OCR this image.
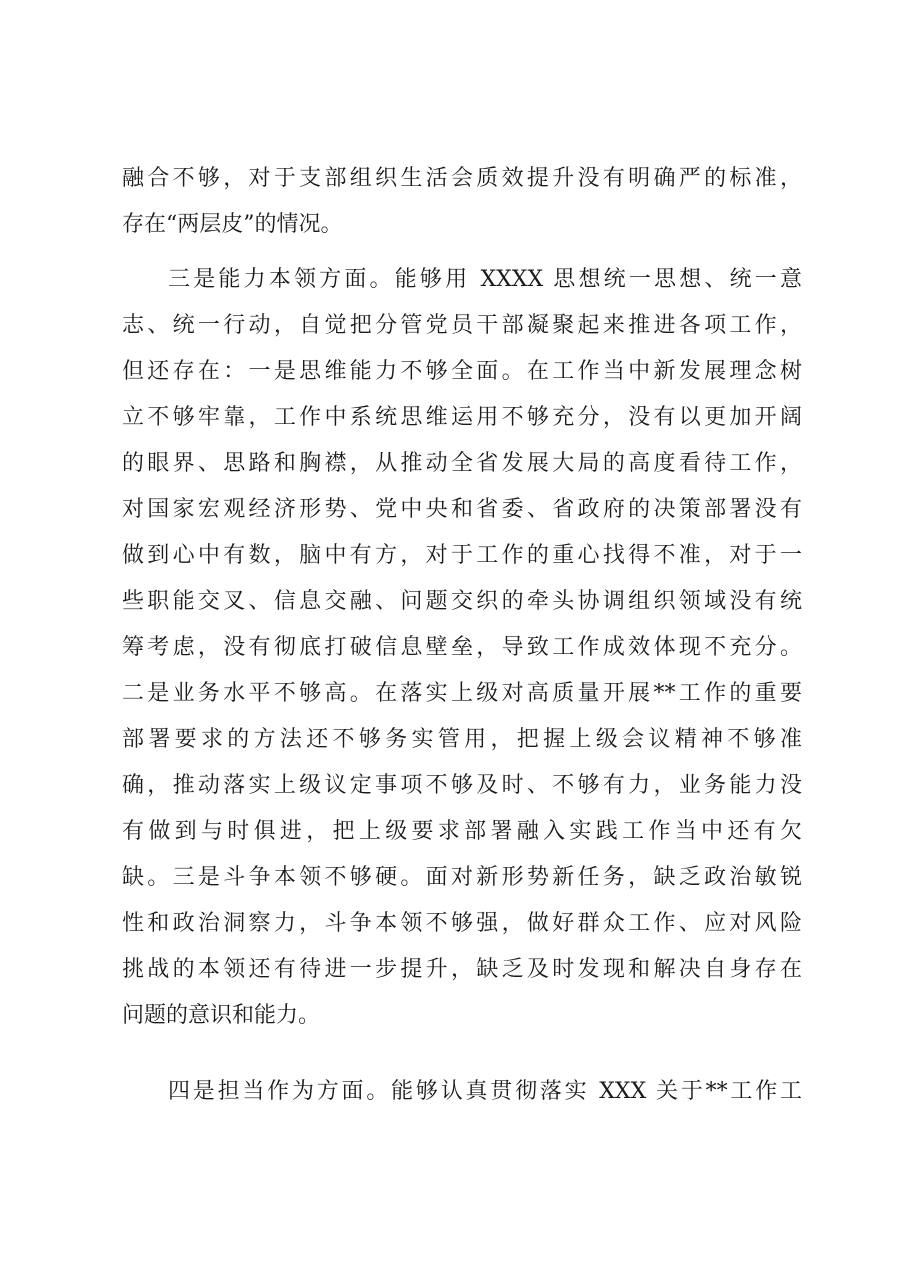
融合不够，对于支部组织生活会质效提升没有明确严的标准，
存在“两层皮”的情况。
三是能力本领方面。能够用 XXXX 思想统一思想、统一意
志、统一行动，自觉把分管党员干部凝聚起来推进各项工作，
但还存在：一是思维能力不够全面。在工作当中新发展理念树
立不够牢靠，工作中系统思维运用不够充分，没有以更加开阔
的眼界、思路和胸襟，从推动全省发展大局的高度看待工作，
对国家宏观经济形势、党中央和省委、省政府的决策部署没有
做到心中有数，脑中有方，对于工作的重心找得不准，对于一
些职能交叉、信息交融、问题交织的牵头协调组织领域没有统
筹考虑，没有彻底打破信息壁垒，导致工作成效体现不充分。
二是业务水平不够高。在落实上级对高质量开展**工作的重要
部署要求的方法还不够务实管用，把握上级会议精神不够准
确，推动落实上级议定事项不够及时、不够有力，业务能力没
有做到与时俱进，把上级要求部署融入实践工作当中还有欠
缺。三是斗争本领不够硬。面对新形势新任务，缺乏政治敏锐
性和政治洞察力，斗争本领不够强，做好群众工作、应对风险
挑战的本领还有待进一步提升，缺乏及时发现和解决自身存在
问题的意识和能力。
四是担当作为方面。能够认真贯彻落实 XXX 关于**工作工
